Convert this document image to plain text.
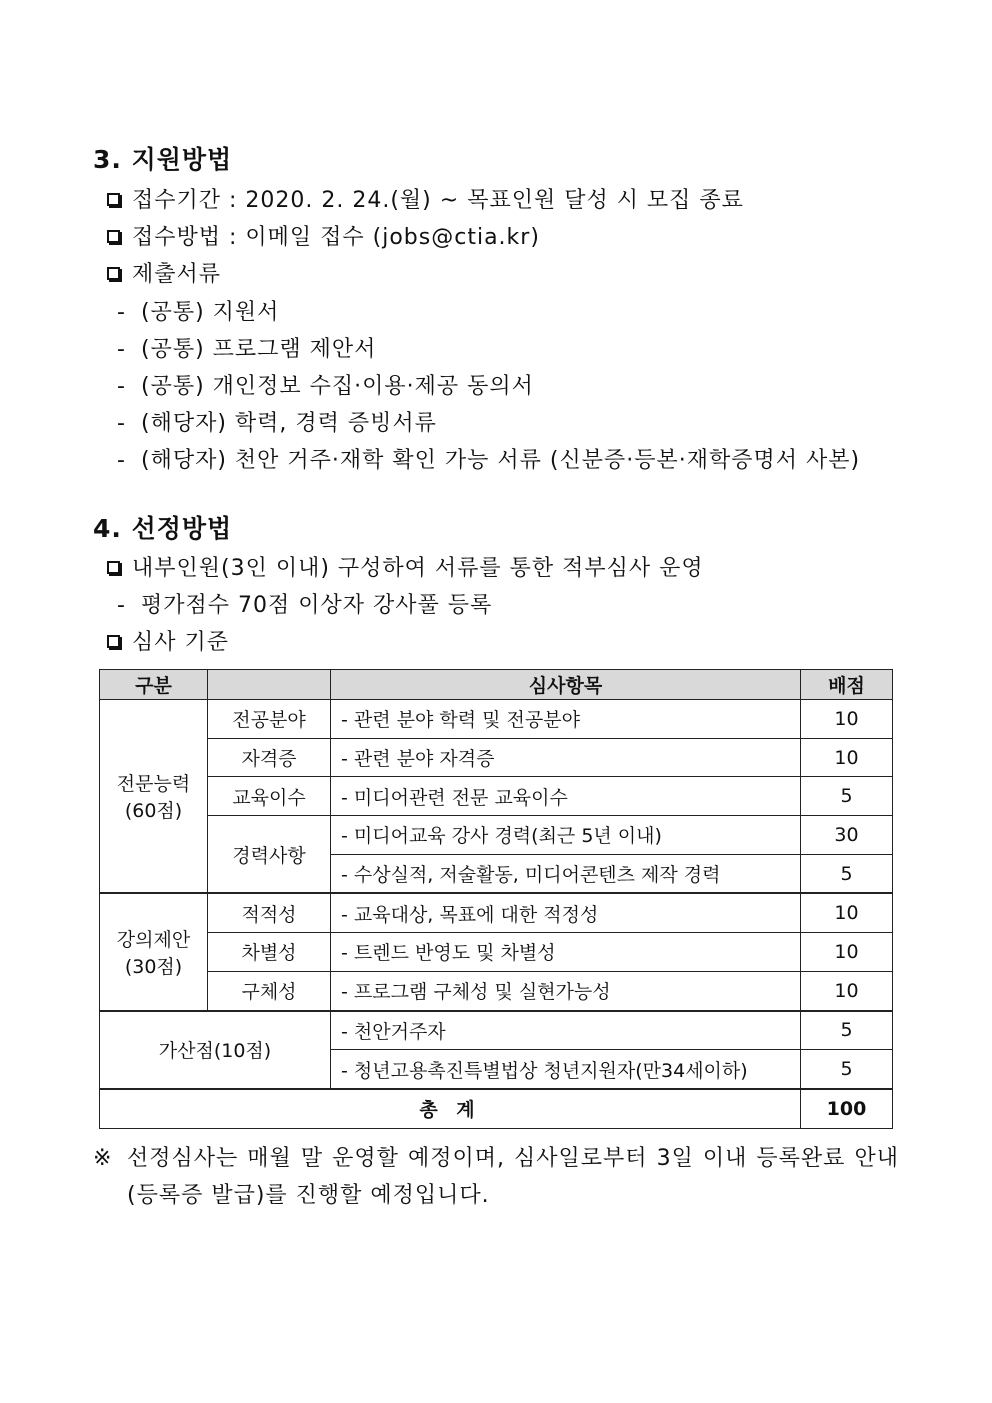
3. 지원방법
접수기간 : 2020. 2. 24.(월) ~ 목표인원 달성 시 모집 종료
접수방법 : 이메일 접수 (jobs@ctia.kr)
제출서류
- (공통) 지원서
- (공통) 프로그램 제안서
- (공통) 개인정보 수집·이용·제공 동의서
- (해당자) 학력, 경력 증빙서류
- (해당자) 천안 거주·재학 확인 가능 서류 (신분증·등본·재학증명서 사본)
4. 선정방법
내부인원(3인 이내) 구성하여 서류를 통한 적부심사 운영
- 평가점수 70점 이상자 강사풀 등록
심사 기준
구분		심사항목	배점

전문능력
(60점)	전공분야	- 관련 분야 학력 및 전공분야	10
	자격증	- 관련 분야 자격증	10
	교육이수	- 미디어관련 전문 교육이수	5
	경력사항	- 미디어교육 강사 경력(최근 5년 이내)	30
		- 수상실적, 저술활동, 미디어콘텐츠 제작 경력	5

강의제안
(30점)	적적성	- 교육대상, 목표에 대한 적정성	10
	차별성	- 트렌드 반영도 및 차별성	10
	구체성	- 프로그램 구체성 및 실현가능성	10
가산점(10점)		- 천안거주자	5
		- 청년고용촉진특별법상 청년지원자(만34세이하)	5
총 계			100
※ 선정심사는 매월 말 운영할 예정이며, 심사일로부터 3일 이내 등록완료 안내(등록증 발급)를 진행할 예정입니다.
